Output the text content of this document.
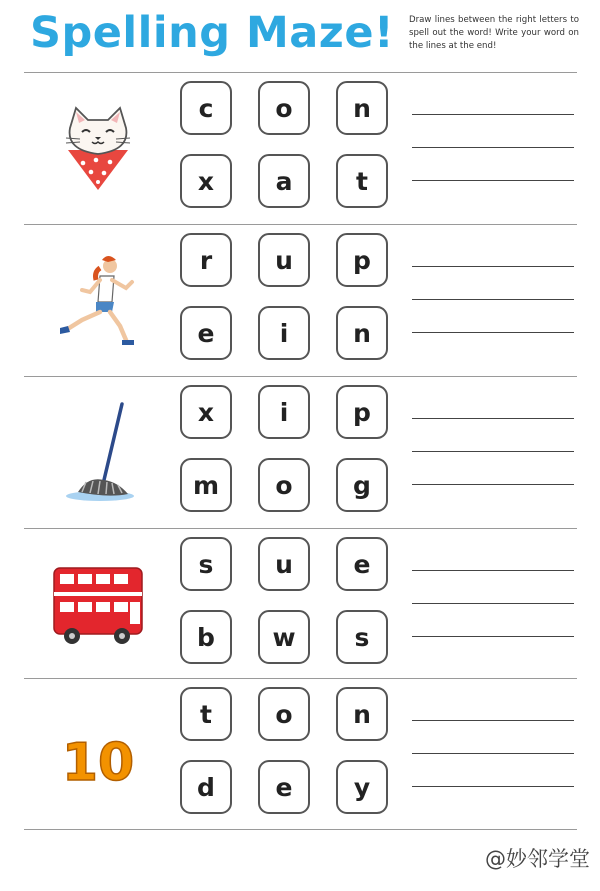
Spelling Maze! Draw lines between the right letters to spell out the word! Write your word on the lines at the end!
c	o	n
x	a	t
r	u	p
e	i	n
x	i	p
m	o	g
s	u	e
b	w	s
10
t	o	n
d	e	y
@妙邻学堂
